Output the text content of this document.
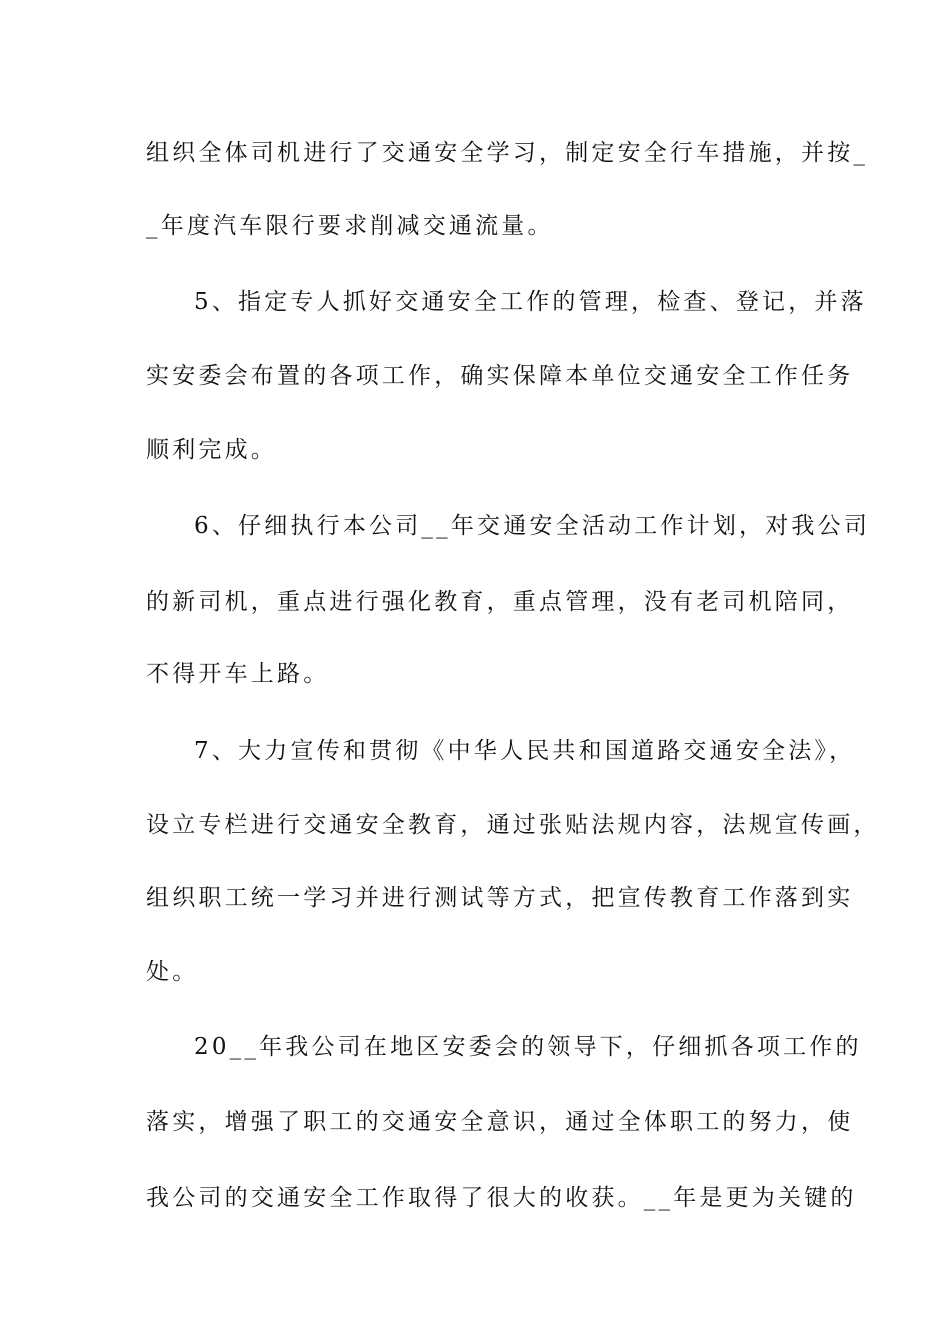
组织全体司机进行了交通安全学习，制定安全行车措施，并按_
_年度汽车限行要求削减交通流量。
5、指定专人抓好交通安全工作的管理，检查、登记，并落
实安委会布置的各项工作，确实保障本单位交通安全工作任务
顺利完成。
6、仔细执行本公司__年交通安全活动工作计划，对我公司
的新司机，重点进行强化教育，重点管理，没有老司机陪同，
不得开车上路。
7、大力宣传和贯彻《中华人民共和国道路交通安全法》，
设立专栏进行交通安全教育，通过张贴法规内容，法规宣传画，
组织职工统一学习并进行测试等方式，把宣传教育工作落到实
处。
20__年我公司在地区安委会的领导下，仔细抓各项工作的
落实，增强了职工的交通安全意识，通过全体职工的努力，使
我公司的交通安全工作取得了很大的收获。__年是更为关键的
